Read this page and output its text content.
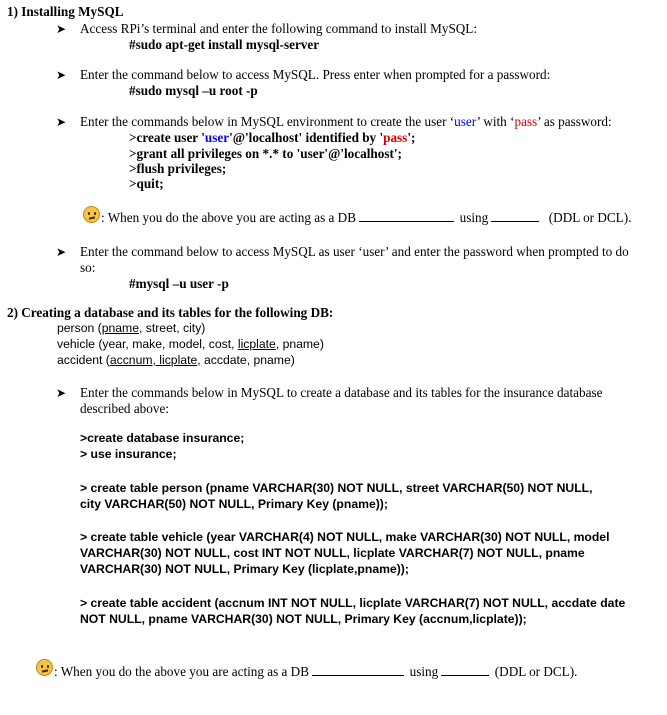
1) Installing MySQL
➤ Access RPi’s terminal and enter the following command to install MySQL:
#sudo apt-get install mysql-server
➤ Enter the command below to access MySQL. Press enter when prompted for a password:
#sudo mysql –u root -p
➤ Enter the commands below in MySQL environment to create the user ‘user’ with ‘pass’ as password:
>create user 'user'@'localhost' identified by 'pass';
>grant all privileges on *.* to 'user'@'localhost';
>flush privileges;
>quit;
: When you do the above you are acting as a DB	using	(DDL or DCL).
➤ Enter the command below to access MySQL as user ‘user’ and enter the password when prompted to do so:
#mysql –u user -p
2) Creating a database and its tables for the following DB:
person (pname, street, city)
vehicle (year, make, model, cost, licplate, pname)
accident (accnum, licplate, accdate, pname)
➤ Enter the commands below in MySQL to create a database and its tables for the insurance database described above:
>create database insurance;
> use insurance;
> create table person (pname VARCHAR(30) NOT NULL, street VARCHAR(50) NOT NULL, city VARCHAR(50) NOT NULL, Primary Key (pname));
> create table vehicle (year VARCHAR(4) NOT NULL, make VARCHAR(30) NOT NULL, model VARCHAR(30) NOT NULL, cost INT NOT NULL, licplate VARCHAR(7) NOT NULL, pname VARCHAR(30) NOT NULL, Primary Key (licplate,pname));
> create table accident (accnum INT NOT NULL, licplate VARCHAR(7) NOT NULL, accdate date NOT NULL, pname VARCHAR(30) NOT NULL, Primary Key (accnum,licplate));
: When you do the above you are acting as a DB	using	(DDL or DCL).
